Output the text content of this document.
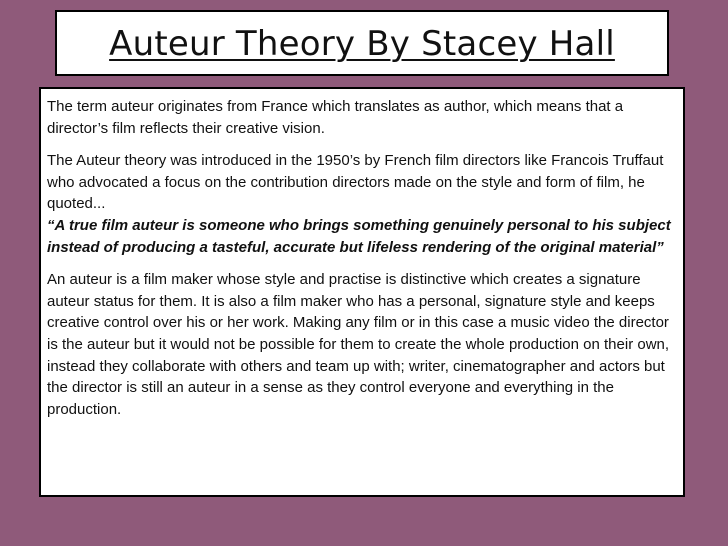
Auteur Theory By Stacey Hall

The term auteur originates from France which translates as author, which means that a director’s film reflects their creative vision.

The Auteur theory was introduced in the 1950’s by French film directors like Francois Truffaut who advocated a focus on the contribution directors made on the style and form of film, he quoted...

“A true film auteur is someone who brings something genuinely personal to his subject instead of producing a tasteful, accurate but lifeless rendering of the original material”

An auteur is a film maker whose style and practise is distinctive which creates a signature auteur status for them. It is also a film maker who has a personal, signature style and keeps creative control over his or her work. Making any film or in this case a music video the director is the auteur but it would not be possible for them to create the whole production on their own, instead they collaborate with others and team up with; writer, cinematographer and actors but the director is still an auteur in a sense as they control everyone and everything in the production.
